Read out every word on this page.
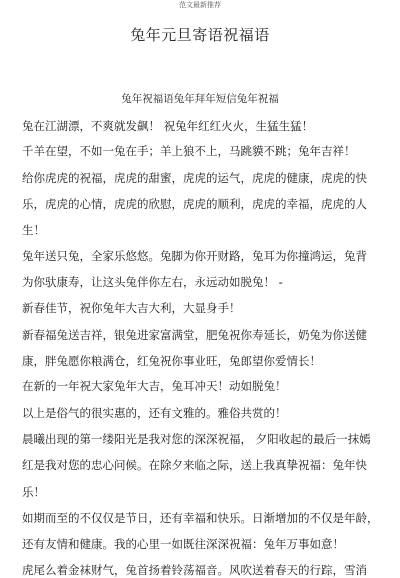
范文最新推荐
兔年元旦寄语祝福语
兔年祝福语兔年拜年短信兔年祝福
兔在江湖漂，不爽就发飙！ 祝兔年红红火火，生猛生猛！
千羊在望，不如一兔在手；羊上狼不上，马跳貘不跳；兔年吉祥！
给你虎虎的祝福，虎虎的甜蜜，虎虎的运气，虎虎的健康，虎虎的快
乐，虎虎的心情，虎虎的欣慰，虎虎的顺利，虎虎的幸福，虎虎的人
生！
兔年送只兔，全家乐悠悠。兔脚为你开财路，兔耳为你撞鸿运，兔背
为你驮康寿，让这头兔伴你左右，永远动如脱兔！ -
新春佳节，祝你兔年大吉大利，大显身手！
新春福兔送吉祥，银兔进家富满堂，肥兔祝你寿延长，奶兔为你送健
康，胖兔愿你粮满仓，红兔祝你事业旺，兔郎望你爱情长！
在新的一年祝大家兔年大吉，兔耳冲天！动如脱兔！
以上是俗气的很实惠的，还有文雅的。雅俗共赏的！
晨曦出现的第一缕阳光是我对您的深深祝福， 夕阳收起的最后一抹嫣
红是我对您的忠心问候。在除夕来临之际，送上我真挚祝福：兔年快
乐！
如期而至的不仅仅是节日，还有幸福和快乐。日渐增加的不仅是年龄，
还有友情和健康。我的心里一如既往深深祝福：兔年万事如意！
虎尾么着金袜财气，兔首扬着铃荡福音。风吹送着春天的行踪，雪消
